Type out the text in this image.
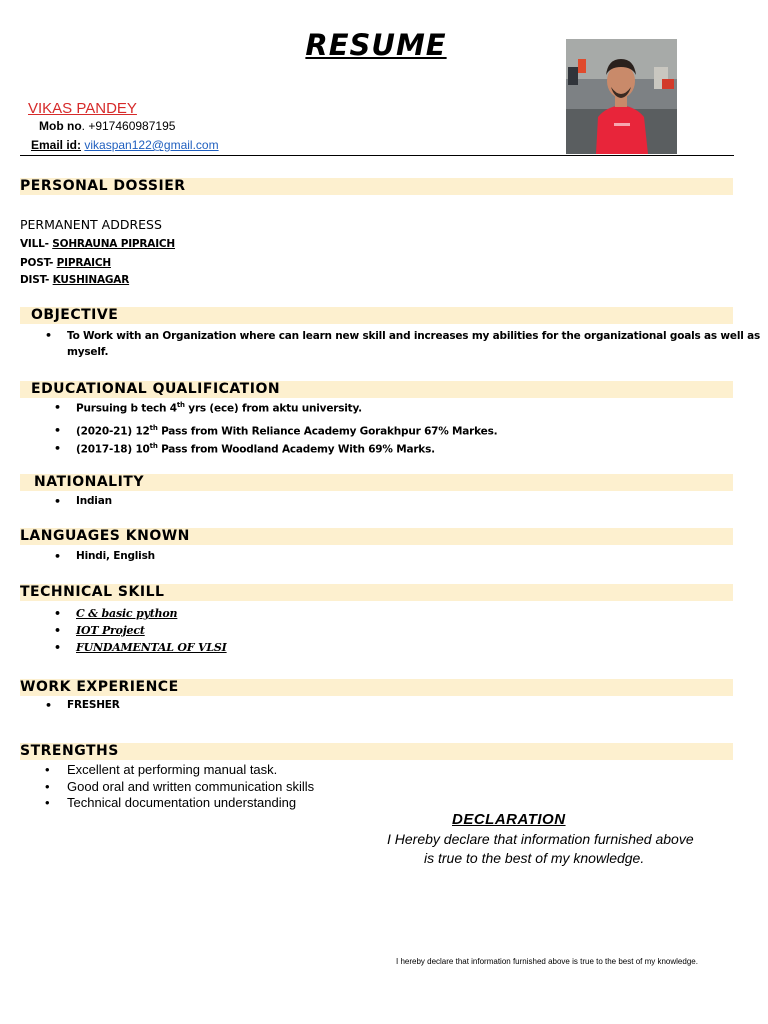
RESUME
VIKAS PANDEY
Mob no. +917460987195
Email id: vikaspan122@gmail.com
PERSONAL DOSSIER
PERMANENT ADDRESS
VILL- SOHRAUNA PIPRAICH
POST- PIPRAICH
DIST- KUSHINAGAR
OBJECTIVE
• To Work with an Organization where can learn new skill and increases my abilities for the organizational goals as well as
myself.
EDUCATIONAL QUALIFICATION
• Pursuing b tech 4th yrs (ece) from aktu university.
• (2020-21) 12th Pass from With Reliance Academy Gorakhpur 67% Markes.
• (2017-18) 10th Pass from Woodland Academy With 69% Marks.
NATIONALITY
• Indian
LANGUAGES KNOWN
• Hindi, English
TECHNICAL SKILL
• C & basic python
• IOT Project
• FUNDAMENTAL OF VLSI
WORK EXPERIENCE
• FRESHER
STRENGTHS
• Excellent at performing manual task.
• Good oral and written communication skills
• Technical documentation understanding
DECLARATION
I Hereby declare that information furnished above
is true to the best of my knowledge.
I hereby declare that information furnished above is true to the best of my knowledge.
